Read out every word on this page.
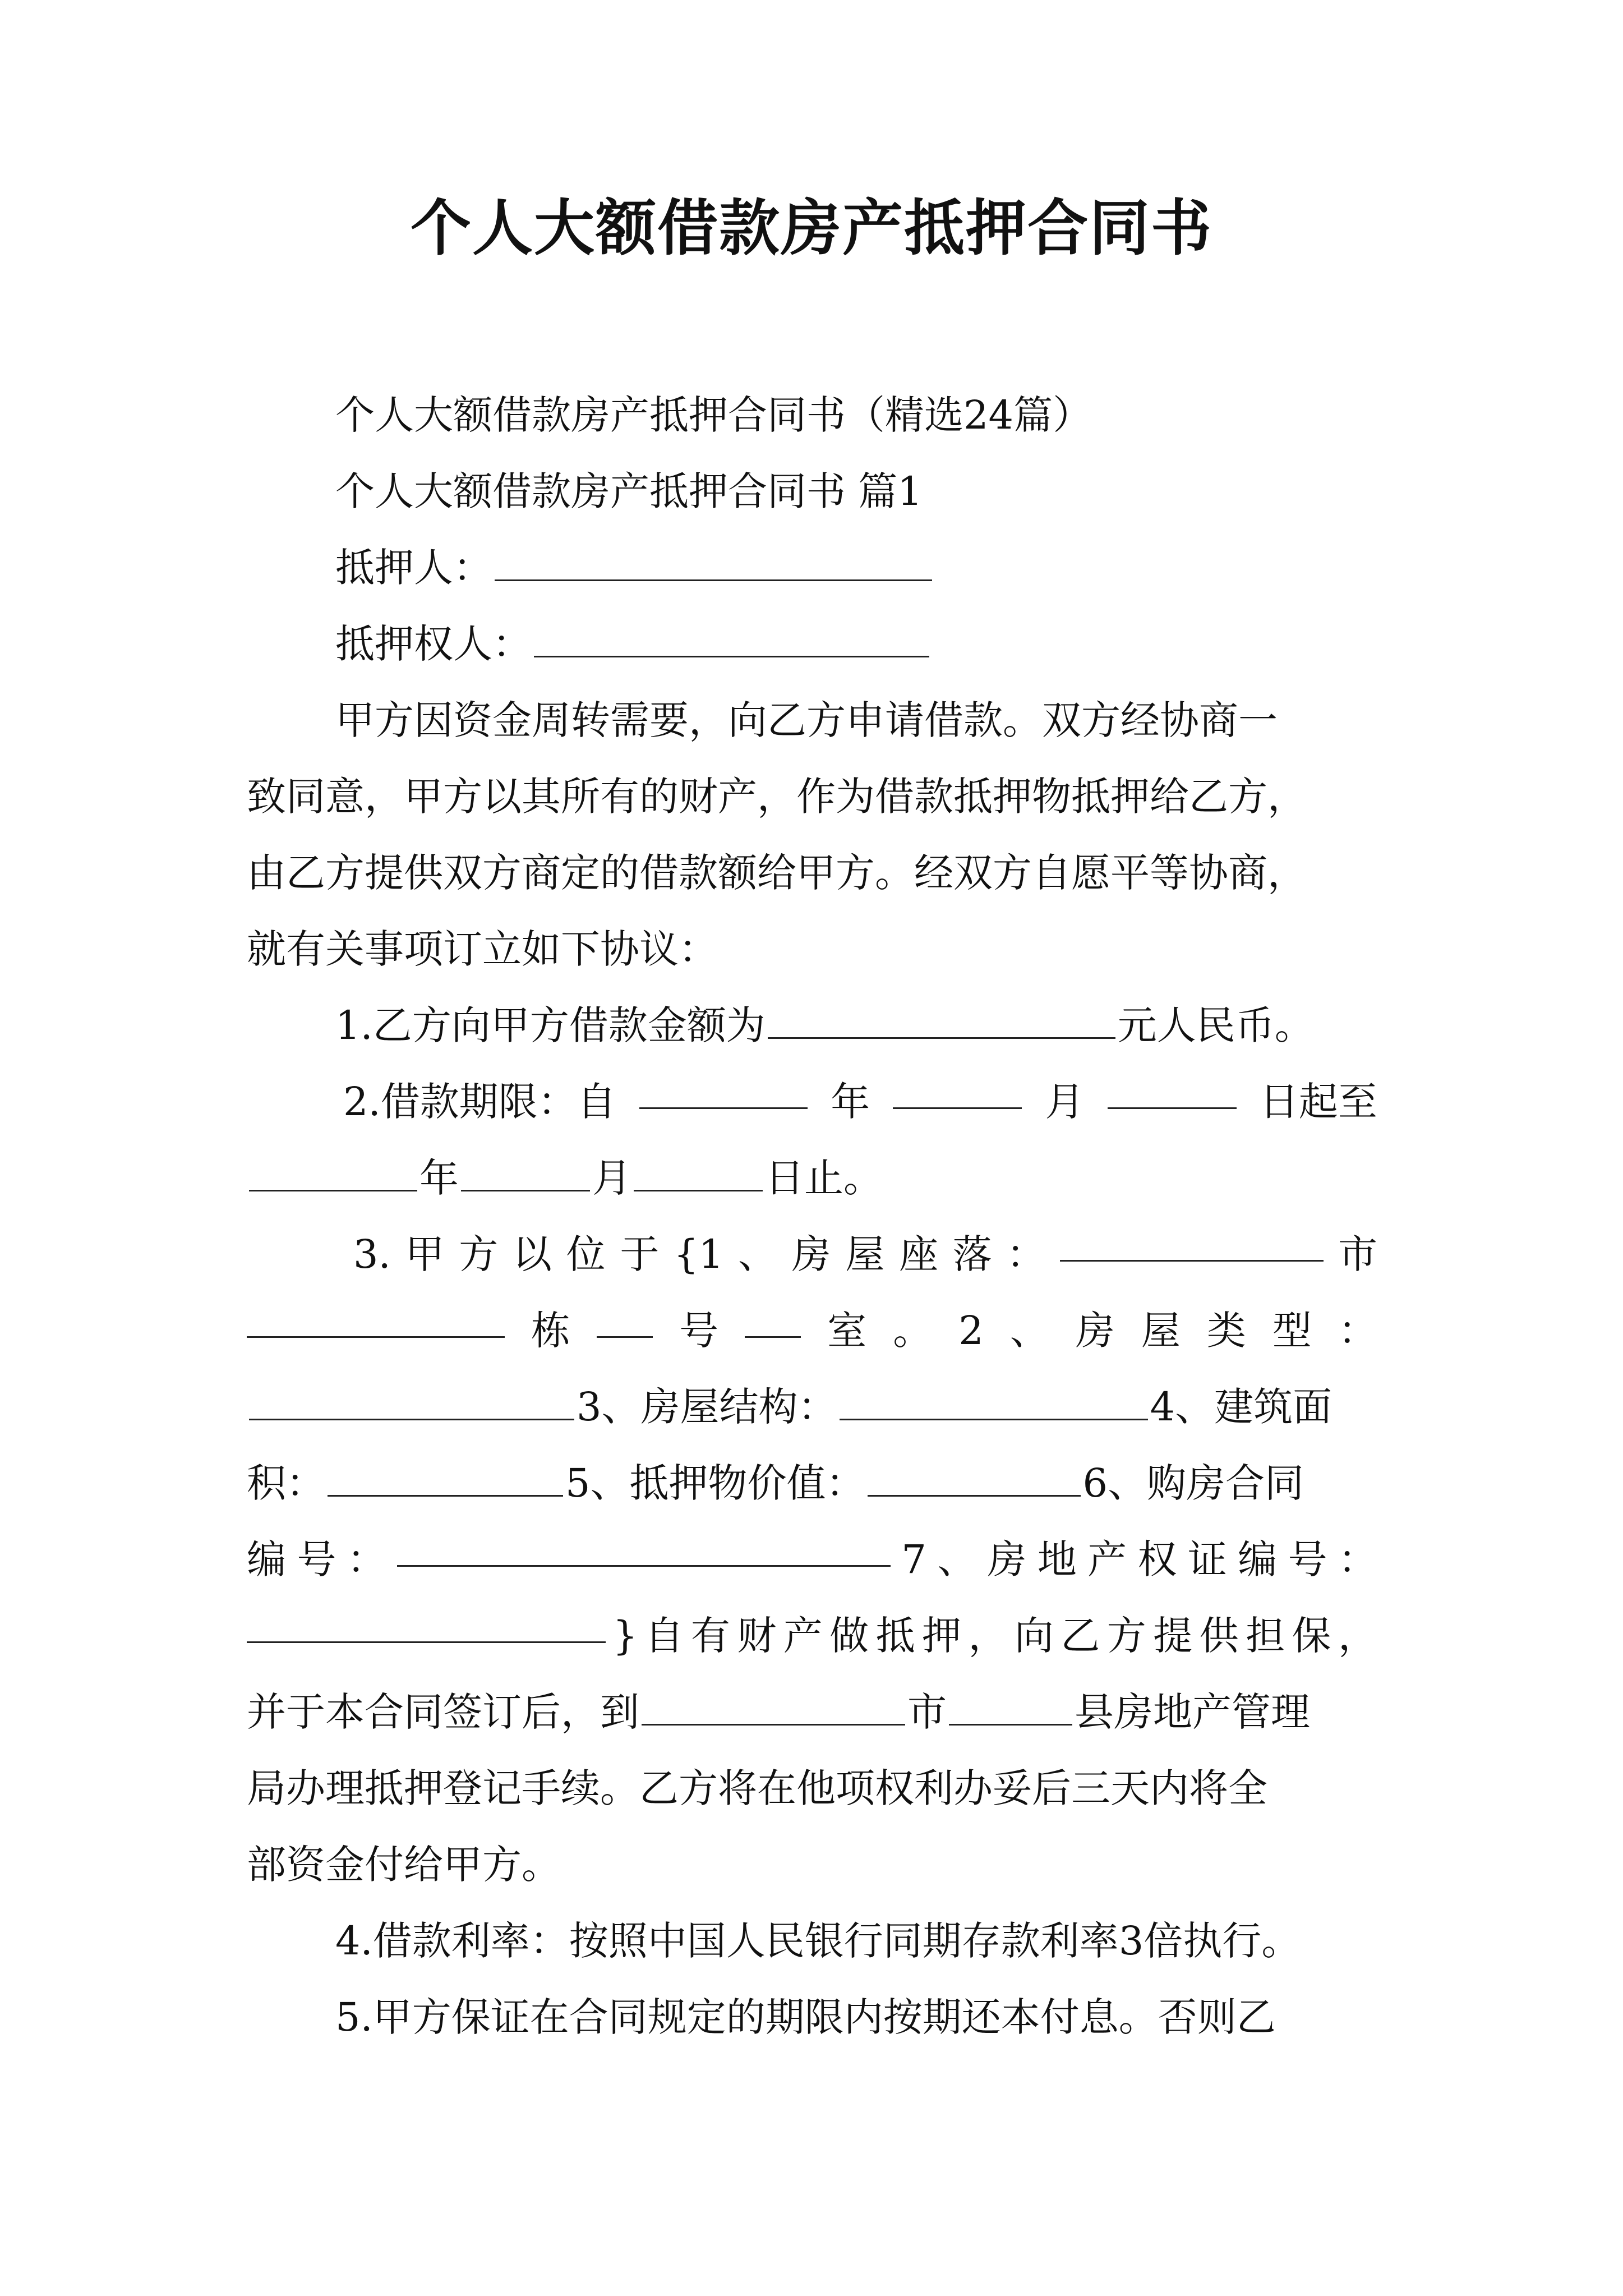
个人大额借款房产抵押合同书
个人大额借款房产抵押合同书（精选24篇）
个人大额借款房产抵押合同书 篇1
抵押人：
抵押权人：
甲方因资金周转需要，向乙方申请借款。双方经协商一
致同意，甲方以其所有的财产，作为借款抵押物抵押给乙方，
由乙方提供双方商定的借款额给甲方。经双方自愿平等协商，
就有关事项订立如下协议：
1.乙方向甲方借款金额为	元人民币。
2.借款期限：自	年	月	日起至
年	月	日止。
3. 甲 方 以 位 于 {1 、 房 屋 座 落 ：	市
栋	号	室 。 2 、 房 屋 类 型 ：
3、房屋结构：	4、建筑面
积：	5、抵押物价值：	6、购房合同
编 号 ：	7 、 房 地 产 权 证 编 号 ：
} 自 有 财 产 做 抵 押 ， 向 乙 方 提 供 担 保 ，
并于本合同签订后，到	市	县房地产管理
局办理抵押登记手续。乙方将在他项权利办妥后三天内将全
部资金付给甲方。
4.借款利率：按照中国人民银行同期存款利率3倍执行。
5.甲方保证在合同规定的期限内按期还本付息。否则乙
